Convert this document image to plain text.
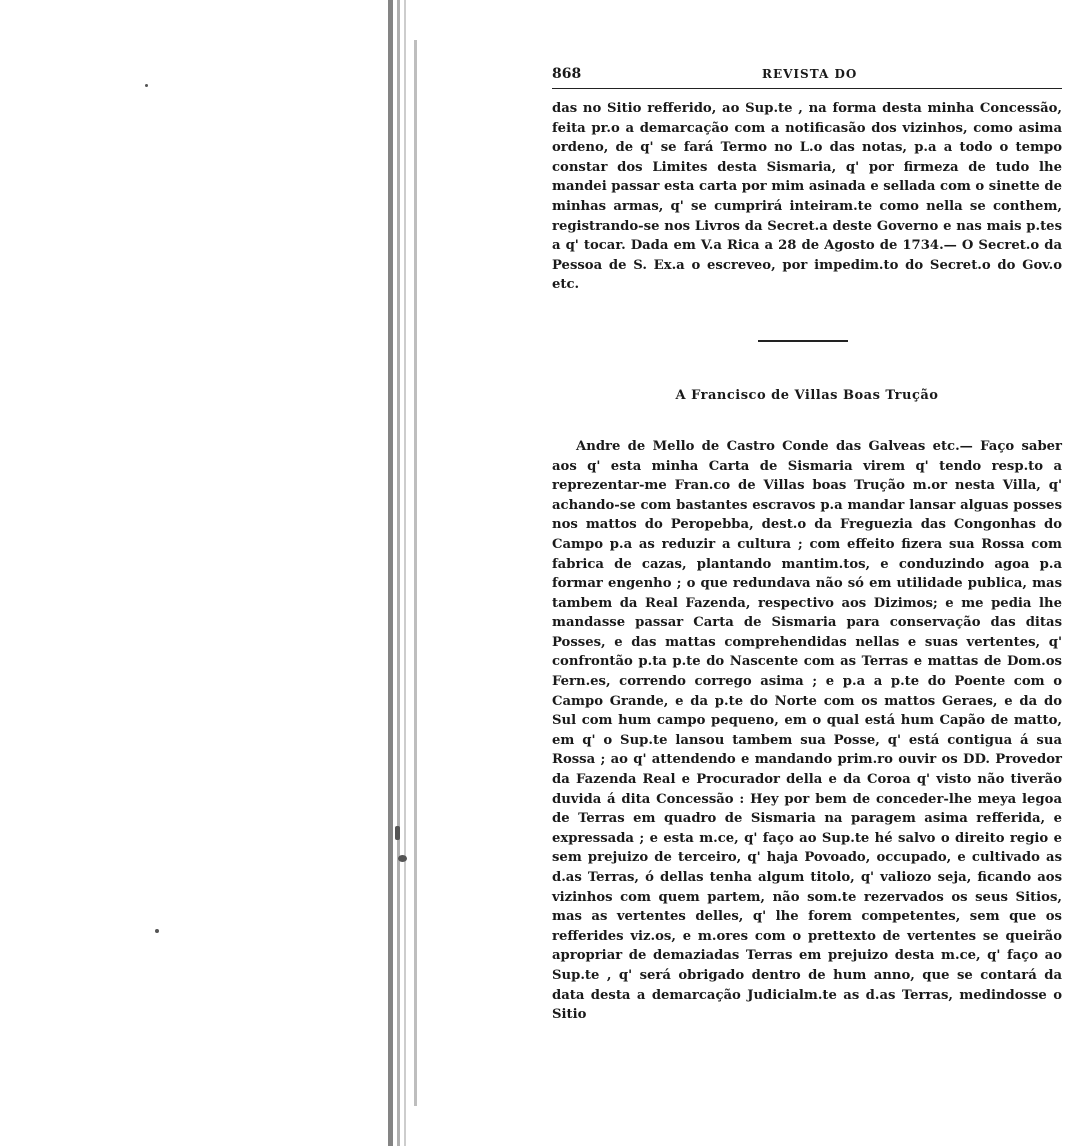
868	REVISTA DO

das no Sitio refferido, ao Sup.te , na forma desta minha Concessão, feita pr.o a demarcação com a notificasão dos vizinhos, como asima ordeno, de q' se fará Termo no L.o das notas, p.a a todo o tempo constar dos Limites desta Sismaria, q' por firmeza de tudo lhe mandei passar esta carta por mim asinada e sellada com o sinette de minhas armas, q' se cumprirá inteiram.te como nella se conthem, registrando-se nos Livros da Secret.a deste Governo e nas mais p.tes a q' tocar. Dada em V.a Rica a 28 de Agosto de 1734.— O Secret.o da Pessoa de S. Ex.a o escreveo, por impedim.to do Secret.o do Gov.o etc.

A Francisco de Villas Boas Trução

Andre de Mello de Castro Conde das Galveas etc.— Faço saber aos q' esta minha Carta de Sismaria virem q' tendo resp.to a reprezentar-me Fran.co de Villas boas Trução m.or nesta Villa, q' achando-se com bastantes escravos p.a mandar lansar alguas posses nos mattos do Peropebba, dest.o da Freguezia das Congonhas do Campo p.a as reduzir a cultura ; com effeito fizera sua Rossa com fabrica de cazas, plantando mantim.tos, e conduzindo agoa p.a formar engenho ; o que redundava não só em utilidade publica, mas tambem da Real Fazenda, respectivo aos Dizimos; e me pedia lhe mandasse passar Carta de Sismaria para conservação das ditas Posses, e das mattas comprehendidas nellas e suas vertentes, q' confrontão p.ta p.te do Nascente com as Terras e mattas de Dom.os Fern.es, correndo corrego asima ; e p.a a p.te do Poente com o Campo Grande, e da p.te do Norte com os mattos Geraes, e da do Sul com hum campo pequeno, em o qual está hum Capão de matto, em q' o Sup.te lansou tambem sua Posse, q' está contigua á sua Rossa ; ao q' attendendo e mandando prim.ro ouvir os DD. Provedor da Fazenda Real e Procurador della e da Coroa q' visto não tiverão duvida á dita Concessão : Hey por bem de conceder-lhe meya legoa de Terras em quadro de Sismaria na paragem asima refferida, e expressada ; e esta m.ce, q' faço ao Sup.te hé salvo o direito regio e sem prejuizo de terceiro, q' haja Povoado, occupado, e cultivado as d.as Terras, ó dellas tenha algum titolo, q' valiozo seja, ficando aos vizinhos com quem partem, não som.te rezervados os seus Sitios, mas as vertentes delles, q' lhe forem competentes, sem que os refferides viz.os, e m.ores com o prettexto de vertentes se queirão apropriar de demaziadas Terras em prejuizo desta m.ce, q' faço ao Sup.te , q' será obrigado dentro de hum anno, que se contará da data desta a demarcação Judicialm.te as d.as Terras, medindosse o Sitio
